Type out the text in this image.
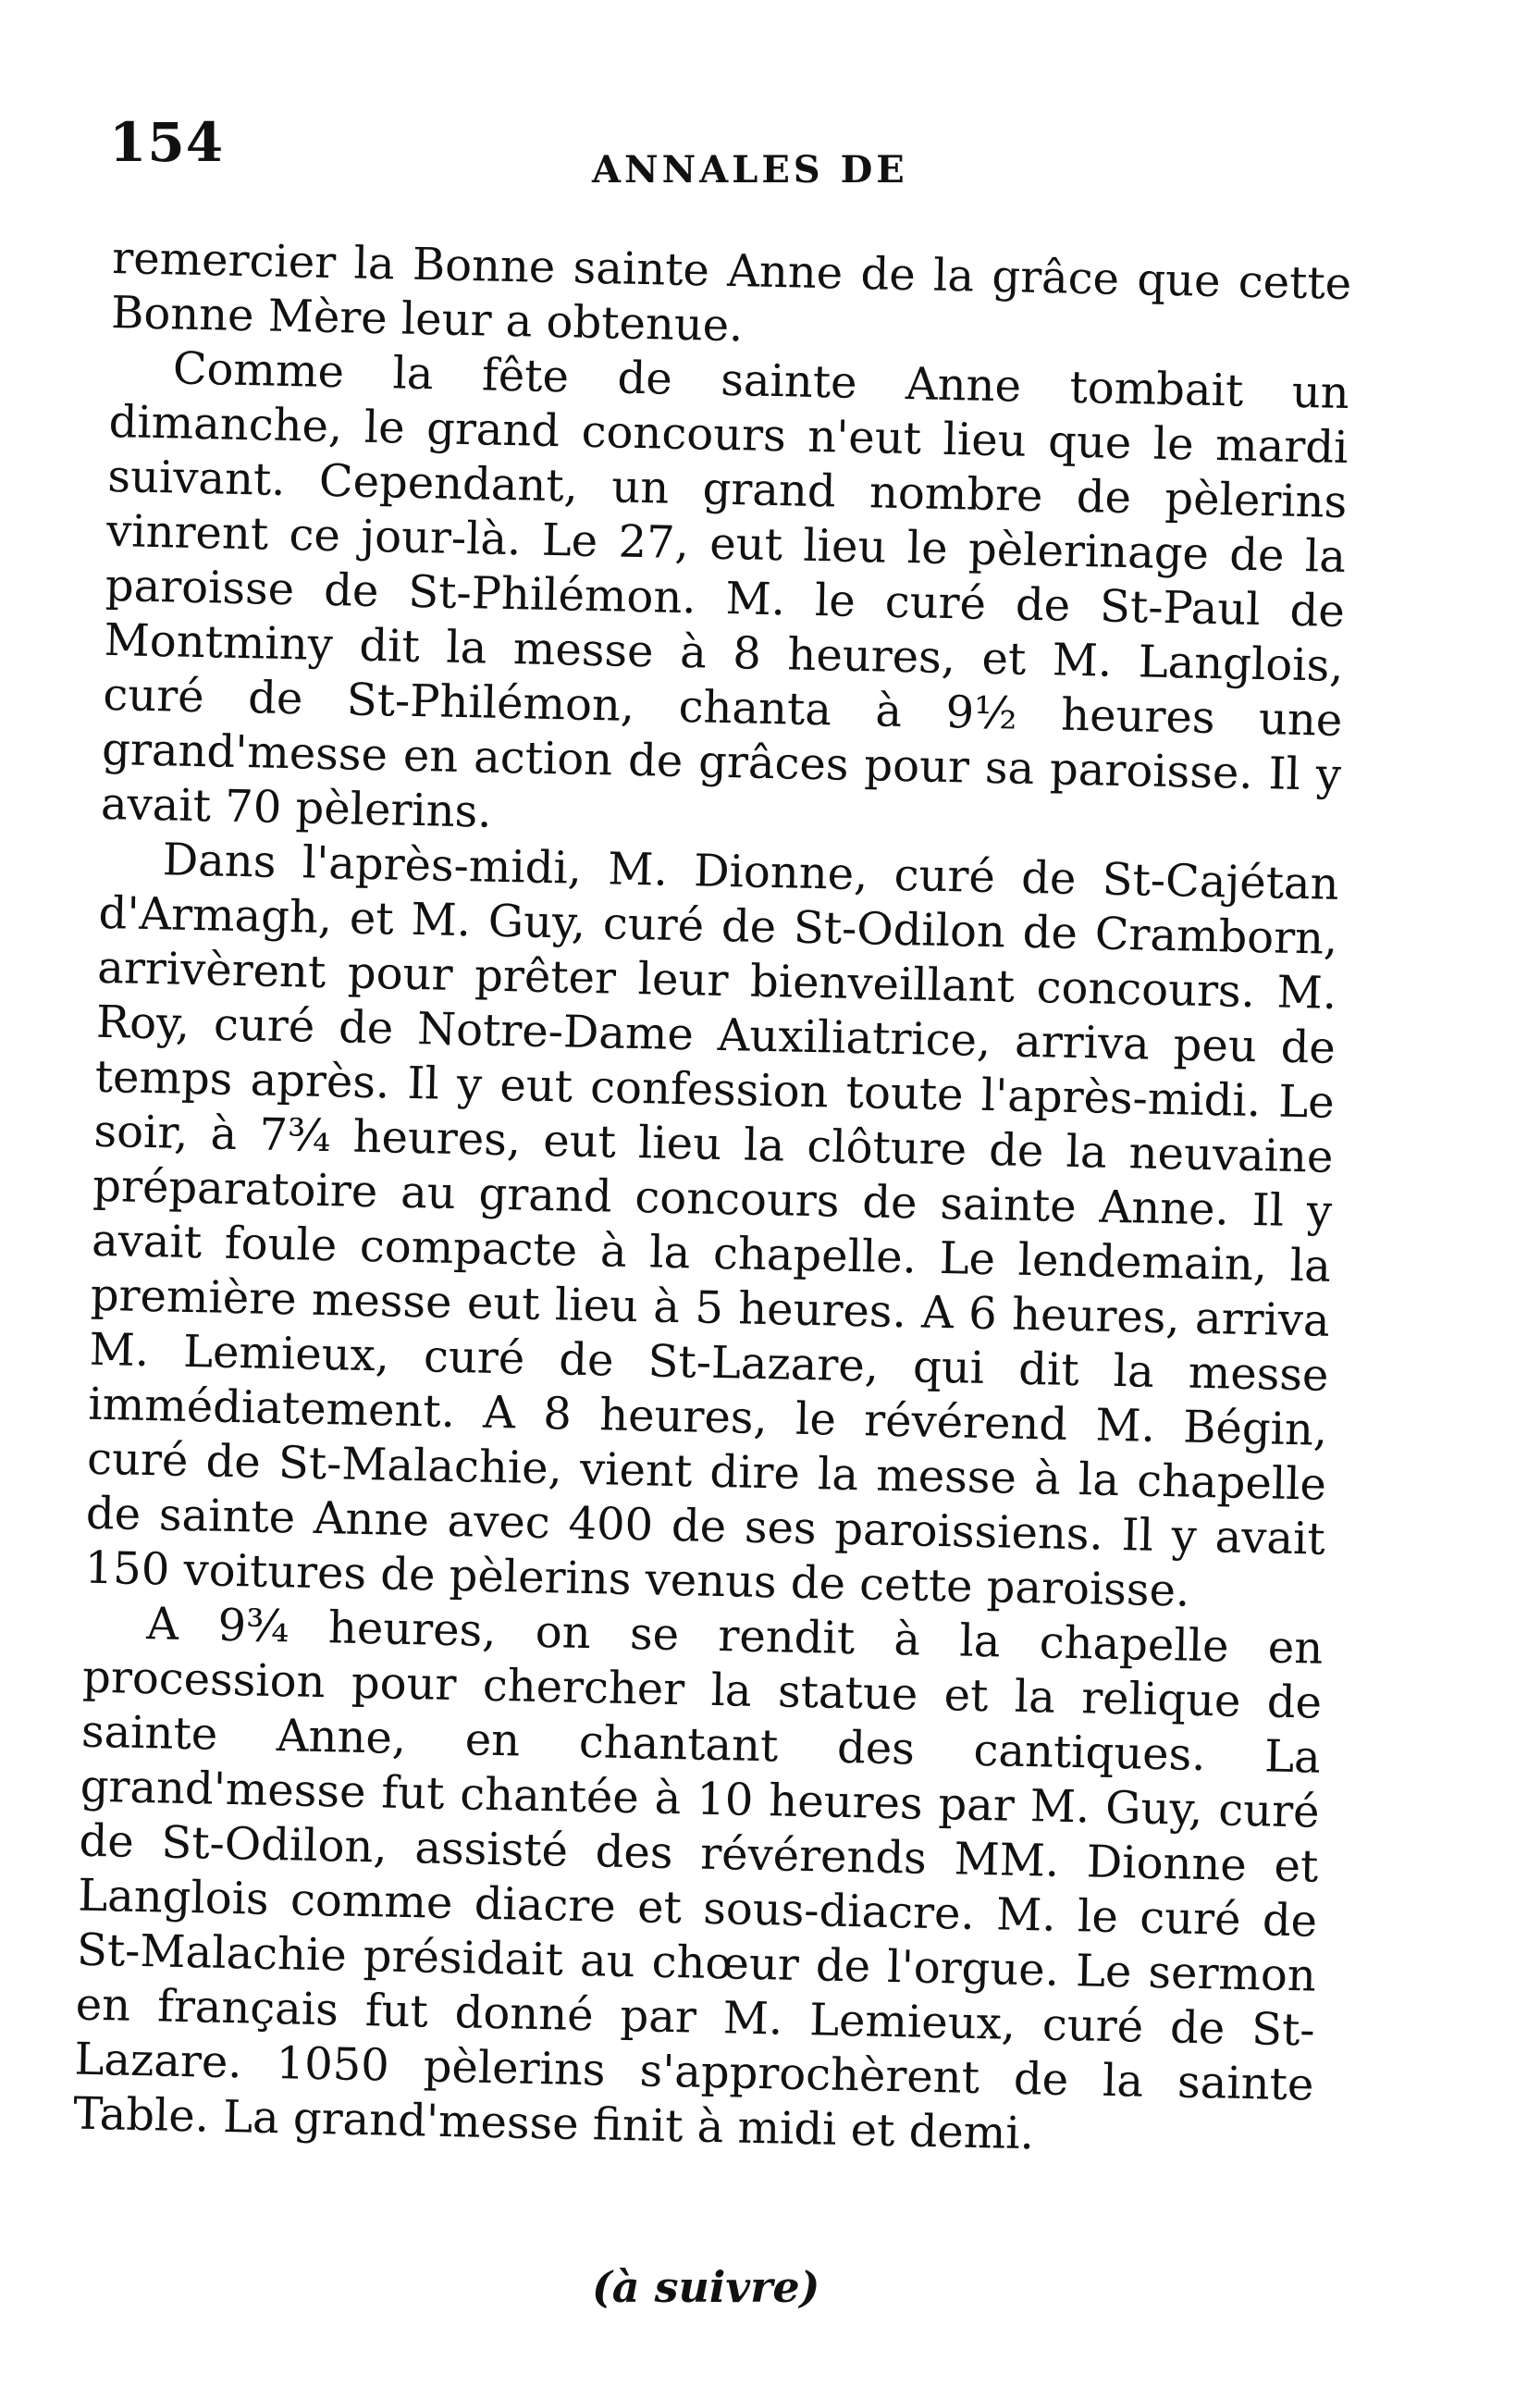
154	ANNALES DE

remercier la Bonne sainte Anne de la grâce que cette Bonne Mère leur a obtenue.

Comme la fête de sainte Anne tombait un dimanche, le grand concours n'eut lieu que le mardi suivant. Cependant, un grand nombre de pèlerins vinrent ce jour-là. Le 27, eut lieu le pèlerinage de la paroisse de St-Philémon. M. le curé de St-Paul de Montminy dit la messe à 8 heures, et M. Langlois, curé de St-Philémon, chanta à 9½ heures une grand'messe en action de grâces pour sa paroisse. Il y avait 70 pèlerins.

Dans l'après-midi, M. Dionne, curé de St-Cajétan d'Armagh, et M. Guy, curé de St-Odilon de Cramborn, arrivèrent pour prêter leur bienveillant concours. M. Roy, curé de Notre-Dame Auxiliatrice, arriva peu de temps après. Il y eut confession toute l'après-midi. Le soir, à 7¾ heures, eut lieu la clôture de la neuvaine préparatoire au grand concours de sainte Anne. Il y avait foule compacte à la chapelle. Le lendemain, la première messe eut lieu à 5 heures. A 6 heures, arriva M. Lemieux, curé de St-Lazare, qui dit la messe immédiatement. A 8 heures, le révérend M. Bégin, curé de St-Malachie, vient dire la messe à la chapelle de sainte Anne avec 400 de ses paroissiens. Il y avait 150 voitures de pèlerins venus de cette paroisse.

A 9¾ heures, on se rendit à la chapelle en procession pour chercher la statue et la relique de sainte Anne, en chantant des cantiques. La grand'messe fut chantée à 10 heures par M. Guy, curé de St-Odilon, assisté des révérends MM. Dionne et Langlois comme diacre et sous-diacre. M. le curé de St-Malachie présidait au chœur de l'orgue. Le sermon en français fut donné par M. Lemieux, curé de St-Lazare. 1050 pèlerins s'approchèrent de la sainte Table. La grand'messe finit à midi et demi.

(à suivre)
